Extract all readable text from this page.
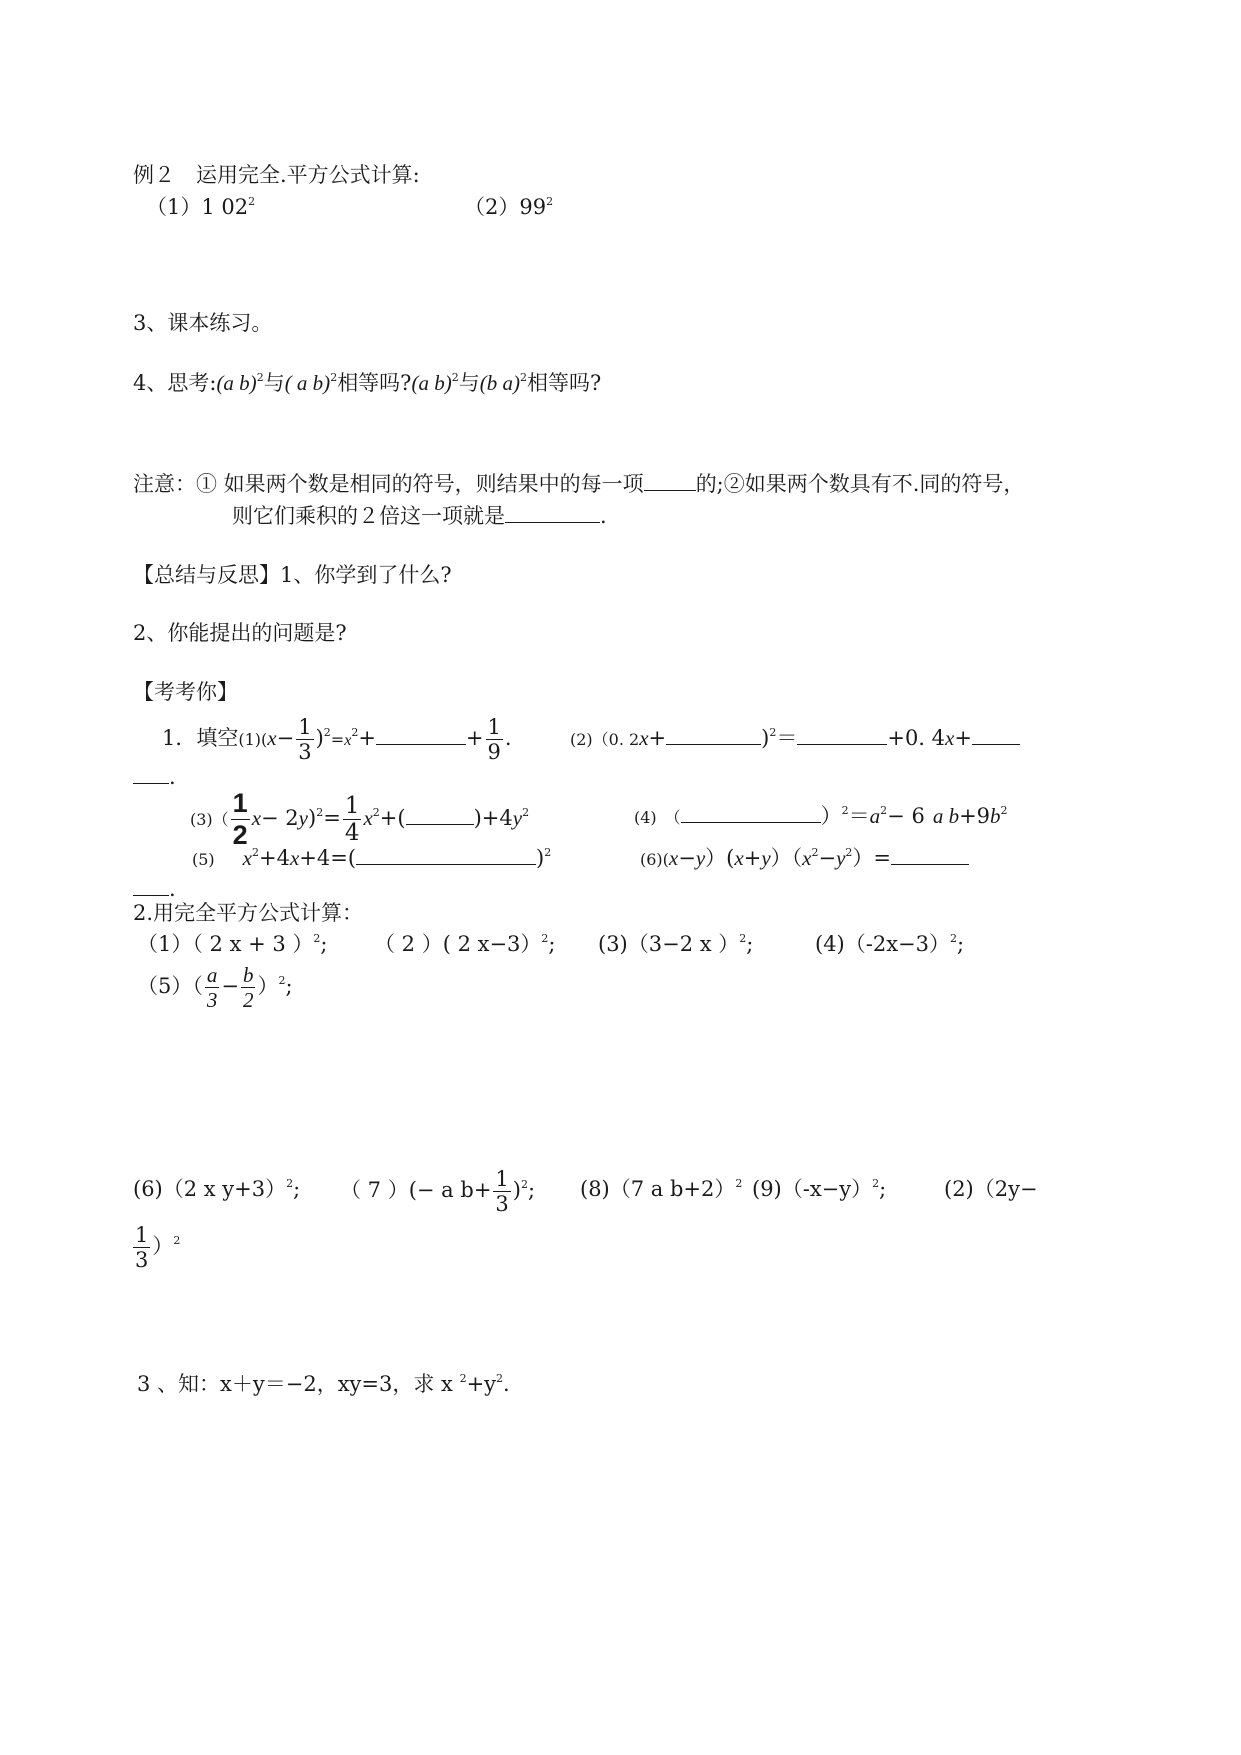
例２　运用完全.平方公式计算:
（1）1 $02^2$	$(2)99^2$
3、课本练习。
4、思考:(a b)$^2$与( a b)$^2$相等吗?(a b)$^2$与(b a)$^2$相等吗?
注意：① 如果两个数是相同的符号，则结果中的每一项 的;②如果两个数具有不.同的符号，
则它们乘积的２倍这一项就是	.
【总结与反思】1、你学到了什么?
2、你能提出的问题是?
【考考你】
1．填空$(1)(x- \frac{1}{3} )^2=x^2+$	+ $\frac{1}{9}$ .	(2)（0. 2x+	)$^2$＝	+0. 4x+
.
$(3)( \frac{1}{2} x- 2y)^2= \frac{1}{4} x^2+$(	)$+4y^2$	(4)　（	）$^2=a^2- 6$ a $b+9b^2$
(5) $x^2+4x+4=$(	)$^2$	$(6)(x-y)(x+y)(x^2-y^2)=$
.
2.用完全平方公式计算：
（1）（ 2 x + 3 ）$^2$; （ 2 ）( 2 x−3）$^2$; (3)（3−2 x ）$^2$;	$(4)(-2x-3)^2$;
$(5)( \frac{a}{3} - \frac{b}{2} )^2$;
(6)（2 x y+3）$^2$; （ 7 ）(− a $b+ \frac{1}{3} )^2$; (8)（7 a b+2）$^2$ $(9)(-x-y)^2$;	(2)（2y−
$\frac{1}{3} )^2$
3 、知：x＋y＝−2，xy=3，求 x $^2+y^2$.
